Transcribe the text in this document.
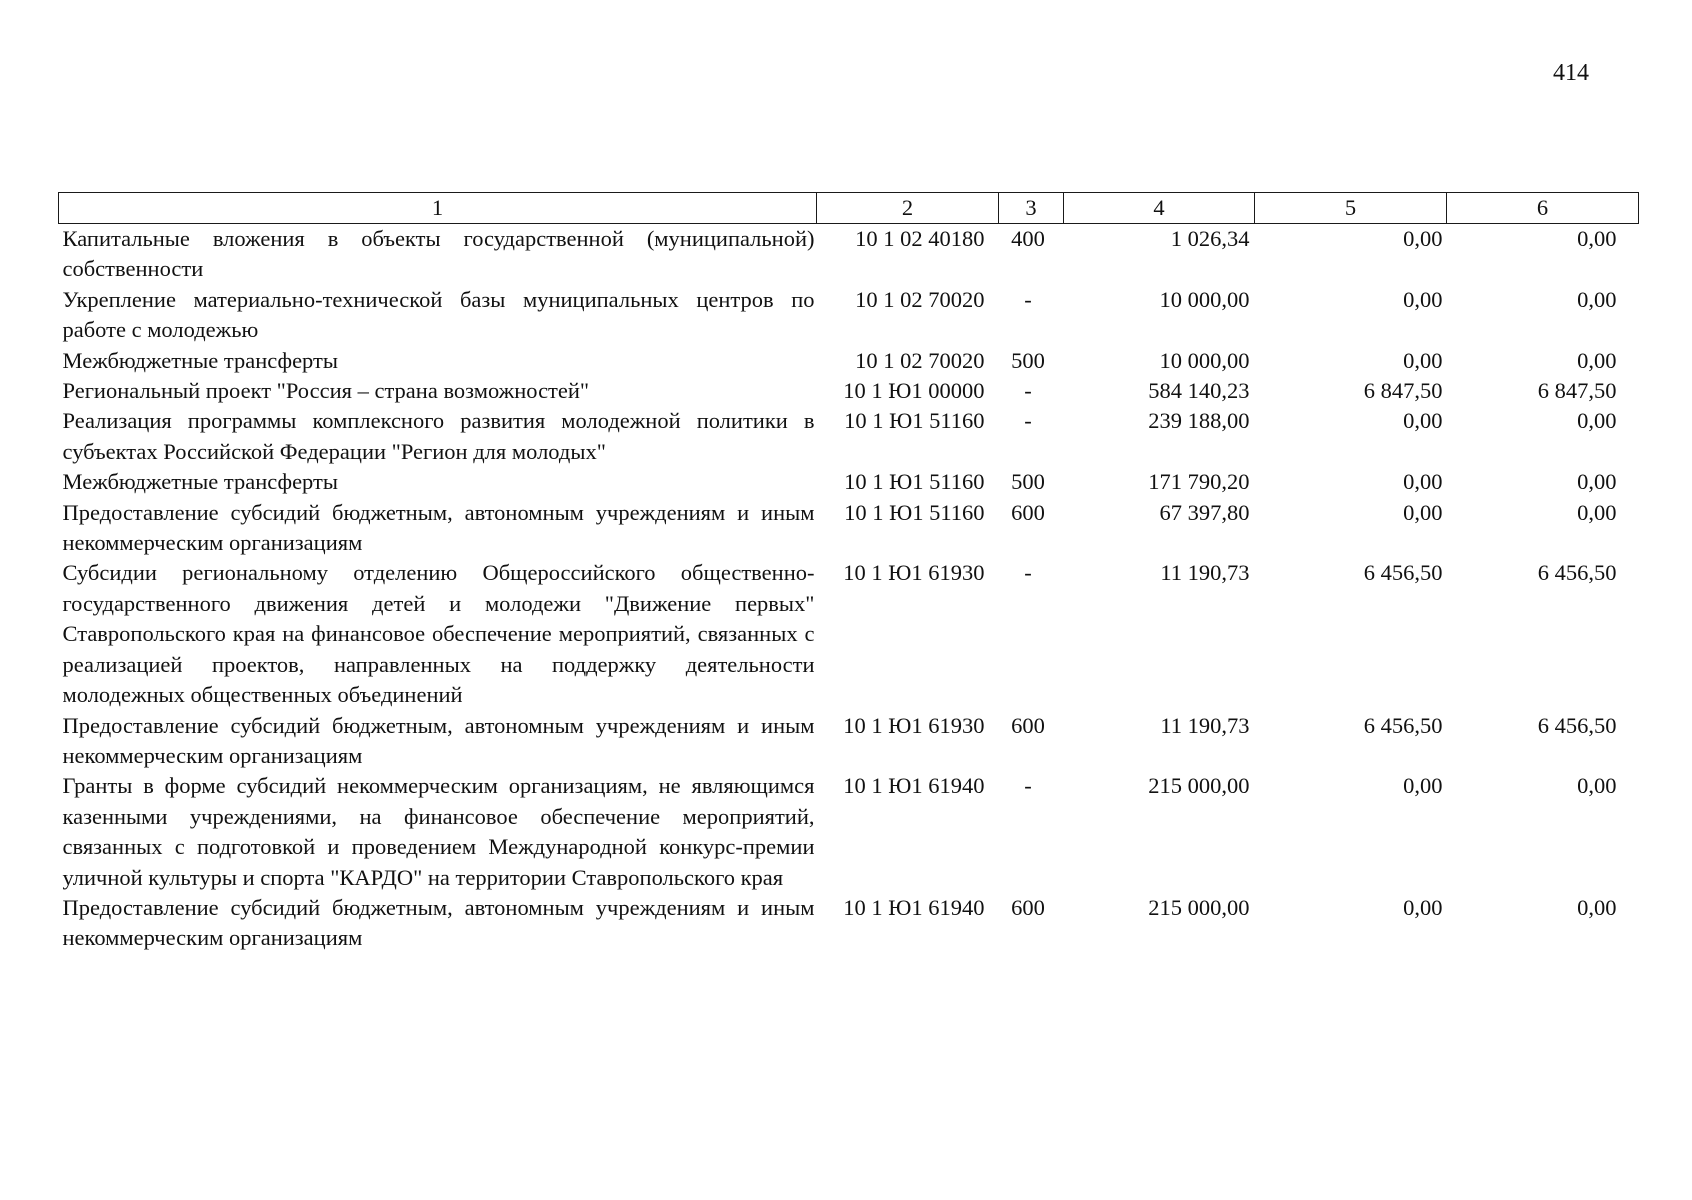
414
1	2	3	4	5	6
Капитальные вложения в объекты государственной (муниципальной) собственности	10 1 02 40180	400	1 026,34	0,00	0,00
Укрепление материально-технической базы муниципальных центров по работе с молодежью	10 1 02 70020	-	10 000,00	0,00	0,00
Межбюджетные трансферты	10 1 02 70020	500	10 000,00	0,00	0,00
Региональный проект "Россия – страна возможностей"	10 1 Ю1 00000	-	584 140,23	6 847,50	6 847,50
Реализация программы комплексного развития молодежной политики в субъектах Российской Федерации "Регион для молодых"	10 1 Ю1 51160	-	239 188,00	0,00	0,00
Межбюджетные трансферты	10 1 Ю1 51160	500	171 790,20	0,00	0,00
Предоставление субсидий бюджетным, автономным учреждениям и иным некоммерческим организациям	10 1 Ю1 51160	600	67 397,80	0,00	0,00
Субсидии региональному отделению Общероссийского общественно-государственного движения детей и молодежи "Движение первых" Ставропольского края на финансовое обеспечение мероприятий, связанных с реализацией проектов, направленных на поддержку деятельности молодежных общественных объединений	10 1 Ю1 61930	-	11 190,73	6 456,50	6 456,50
Предоставление субсидий бюджетным, автономным учреждениям и иным некоммерческим организациям	10 1 Ю1 61930	600	11 190,73	6 456,50	6 456,50
Гранты в форме субсидий некоммерческим организациям, не являющимся казенными учреждениями, на финансовое обеспечение мероприятий, связанных с подготовкой и проведением Международной конкурс-премии уличной культуры и спорта "КАРДО" на территории Ставропольского края	10 1 Ю1 61940	-	215 000,00	0,00	0,00
Предоставление субсидий бюджетным, автономным учреждениям и иным некоммерческим организациям	10 1 Ю1 61940	600	215 000,00	0,00	0,00
